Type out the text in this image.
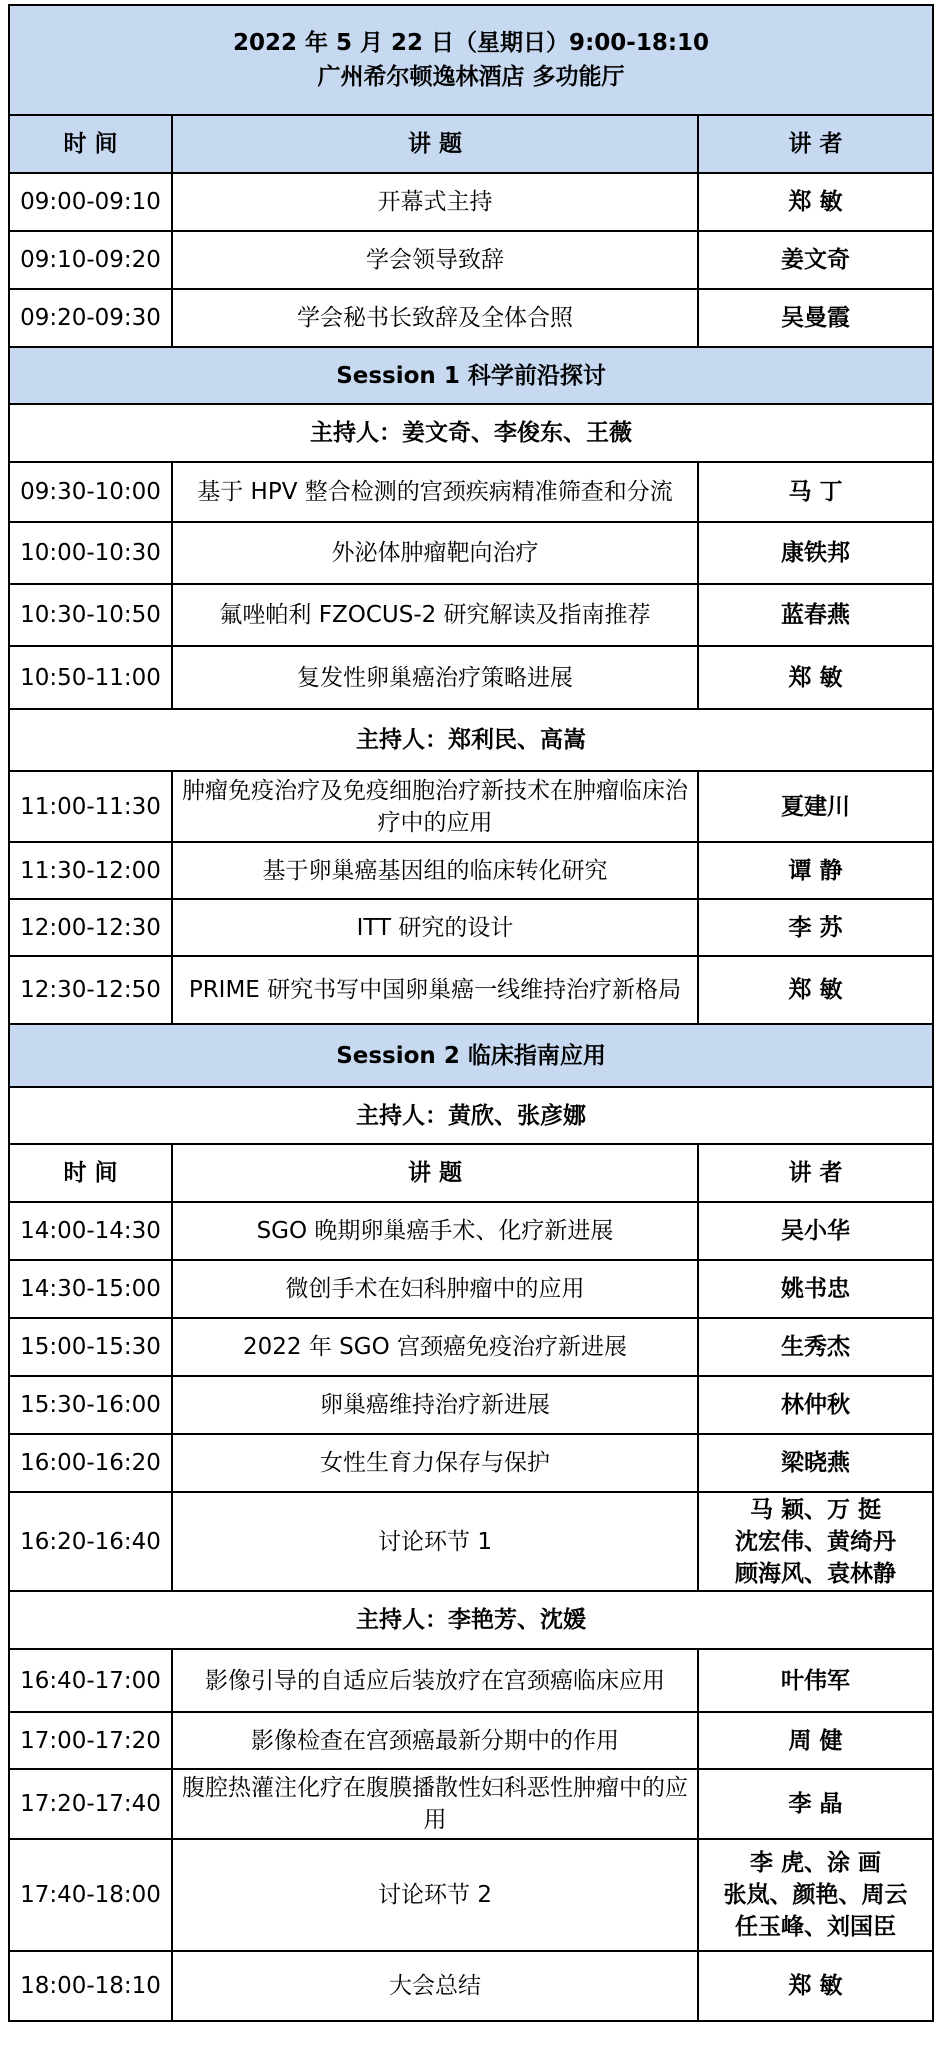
2022 年 5 月 22 日（星期日）9:00-18:10
广州希尔顿逸林酒店 多功能厅		

时 间	讲 题	讲 者
09:00-09:10	开幕式主持	郑 敏
09:10-09:20	学会领导致辞	姜文奇
09:20-09:30	学会秘书长致辞及全体合照	吴曼霞
Session 1 科学前沿探讨		
主持人：姜文奇、李俊东、王薇		
09:30-10:00	基于 HPV 整合检测的宫颈疾病精准筛查和分流	马 丁
10:00-10:30	外泌体肿瘤靶向治疗	康铁邦
10:30-10:50	氟唑帕利 FZOCUS-2 研究解读及指南推荐	蓝春燕
10:50-11:00	复发性卵巢癌治疗策略进展	郑 敏
主持人：郑利民、高嵩		
11:00-11:30	肿瘤免疫治疗及免疫细胞治疗新技术在肿瘤临床治疗中的应用	夏建川
11:30-12:00	基于卵巢癌基因组的临床转化研究	谭 静
12:00-12:30	ITT 研究的设计	李 苏
12:30-12:50	PRIME 研究书写中国卵巢癌一线维持治疗新格局	郑 敏
Session 2 临床指南应用		
主持人：黄欣、张彦娜		
时 间	讲 题	讲 者
14:00-14:30	SGO 晚期卵巢癌手术、化疗新进展	吴小华
14:30-15:00	微创手术在妇科肿瘤中的应用	姚书忠
15:00-15:30	2022 年 SGO 宫颈癌免疫治疗新进展	生秀杰
15:30-16:00	卵巢癌维持治疗新进展	林仲秋
16:00-16:20	女性生育力保存与保护	梁晓燕
16:20-16:40	讨论环节 1	马 颖、万 挺
沈宏伟、黄绮丹
顾海风、袁林静

主持人：李艳芳、沈媛		
16:40-17:00	影像引导的自适应后装放疗在宫颈癌临床应用	叶伟军
17:00-17:20	影像检查在宫颈癌最新分期中的作用	周 健
17:20-17:40	腹腔热灌注化疗在腹膜播散性妇科恶性肿瘤中的应用	李 晶
17:40-18:00	讨论环节 2	李 虎、涂 画
张岚、颜艳、周云
任玉峰、刘国臣

18:00-18:10	大会总结	郑 敏
